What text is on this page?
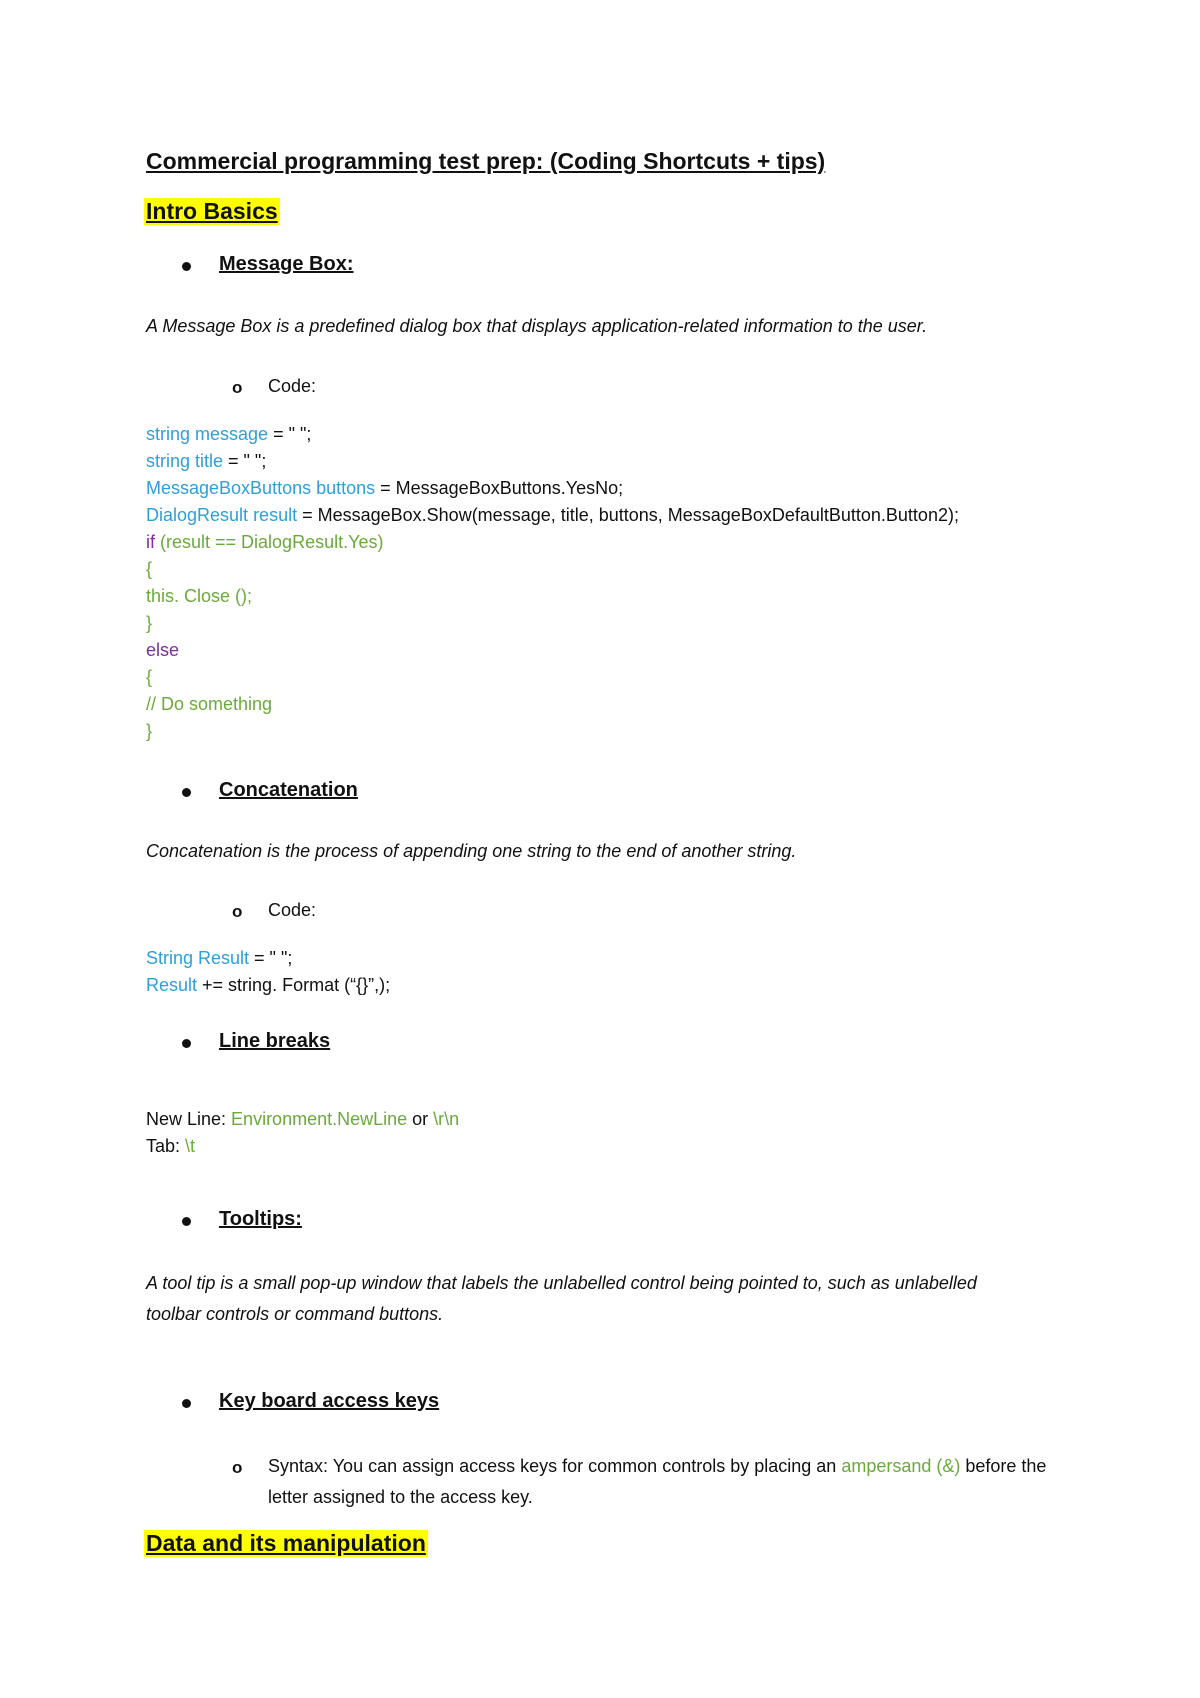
Commercial programming test prep: (Coding Shortcuts + tips)
Intro Basics
Message Box:
A Message Box is a predefined dialog box that displays application-related information to the user.
o Code:
string message = " ";
string title = " ";
MessageBoxButtons buttons = MessageBoxButtons.YesNo;
DialogResult result = MessageBox.Show(message, title, buttons, MessageBoxDefaultButton.Button2);
if (result == DialogResult.Yes)
{
this. Close ();
}
else
{
// Do something
}
Concatenation
Concatenation is the process of appending one string to the end of another string.
o Code:
String Result = " ";
Result += string. Format (“{}”,);
Line breaks
New Line: Environment.NewLine or \r\n
Tab: \t
Tooltips:
A tool tip is a small pop-up window that labels the unlabelled control being pointed to, such as unlabelled toolbar controls or command buttons.
Key board access keys
o Syntax: You can assign access keys for common controls by placing an ampersand (&) before the letter assigned to the access key.
Data and its manipulation
